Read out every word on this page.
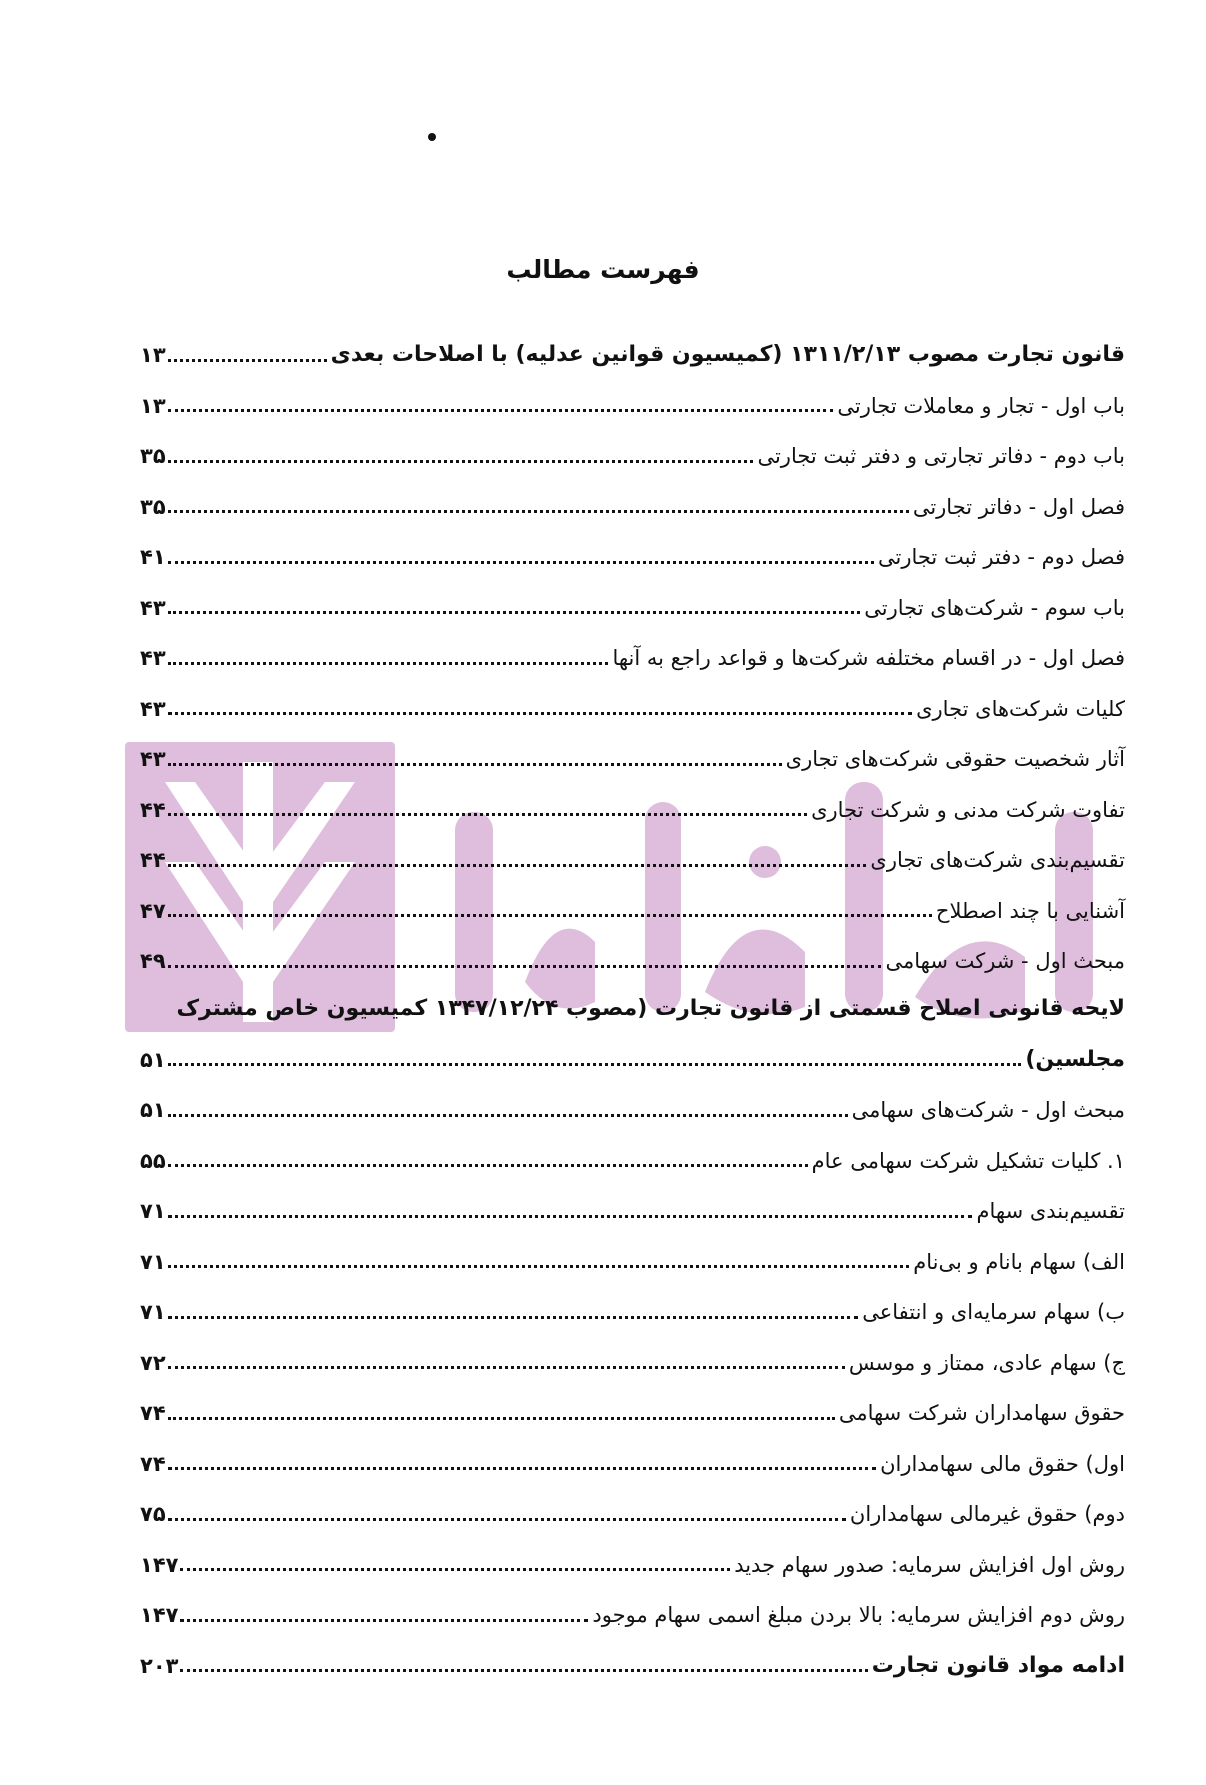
فهرست مطالب
قانون تجارت مصوب ۱۳۱۱/۲/۱۳ (کمیسیون قوانین عدلیه) با اصلاحات بعدی
۱۳
باب اول - تجار و معاملات تجارتی
۱۳
باب دوم - دفاتر تجارتی و دفتر ثبت تجارتی
۳۵
فصل اول - دفاتر تجارتی
۳۵
فصل دوم - دفتر ثبت تجارتی
۴۱
باب سوم - شرکت‌های تجارتی
۴۳
فصل اول - در اقسام مختلفه شرکت‌ها و قواعد راجع به آنها
۴۳
کلیات شرکت‌های تجاری
۴۳
آثار شخصیت حقوقی شرکت‌های تجاری
۴۳
تفاوت شرکت مدنی و شرکت تجاری
۴۴
تقسیم‌بندی شرکت‌های تجاری
۴۴
آشنایی با چند اصطلاح
۴۷
مبحث اول - شرکت سهامی
۴۹
لایحه قانونی اصلاح قسمتی از قانون تجارت (مصوب ۱۳۴۷/۱۲/۲۴ کمیسیون خاص مشترک
مجلسین)
۵۱
مبحث اول - شرکت‌های سهامی
۵۱
۱. کلیات تشکیل شرکت سهامی عام
۵۵
تقسیم‌بندی سهام
۷۱
الف) سهام بانام و بی‌نام
۷۱
ب) سهام سرمایه‌ای و انتفاعی
۷۱
ج) سهام عادی، ممتاز و موسس
۷۲
حقوق سهامداران شرکت سهامی
۷۴
اول) حقوق مالی سهامداران
۷۴
دوم) حقوق غیرمالی سهامداران
۷۵
روش اول افزایش سرمایه: صدور سهام جدید
۱۴۷
روش دوم افزایش سرمایه: بالا بردن مبلغ اسمی سهام موجود
۱۴۷
ادامه مواد قانون تجارت
۲۰۳
